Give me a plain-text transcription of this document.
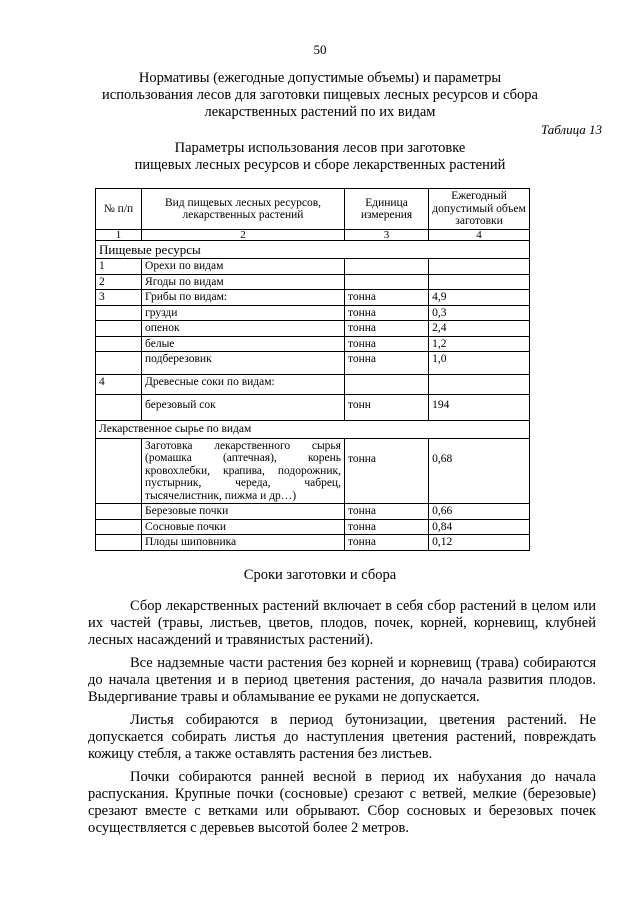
50
Нормативы (ежегодные допустимые объемы) и параметры
использования лесов для заготовки пищевых лесных ресурсов и сбора
лекарственных растений по их видам
Таблица 13
Параметры использования лесов при заготовке
пищевых лесных ресурсов и сборе лекарственных растений
№ п/п	Вид пищевых лесных ресурсов, лекарственных растений	Единица измерения	Ежегодный допустимый объем заготовки
1	2	3	4
Пищевые ресурсы			
1	Орехи по видам		
2	Ягоды по видам		
3	Грибы по видам:	тонна	4,9
	грузди	тонна	0,3
	опенок	тонна	2,4
	белые	тонна	1,2
	подберезовик	тонна	1,0
4	Древесные соки по видам:		
	березовый сок	тонн	194
Лекарственное сырье по видам			
	Заготовка лекарственного сырья (ромашка (аптечная), корень кровохлебки, крапива, подорожник, пустырник, череда, чабрец, тысячелистник, пижма и др…)	тонна	0,68
	Березовые почки	тонна	0,66
	Сосновые почки	тонна	0,84
	Плоды шиповника	тонна	0,12
Сроки заготовки и сбора

Сбор лекарственных растений включает в себя сбор растений в целом или их частей (травы, листьев, цветов, плодов, почек, корней, корневищ, клубней лесных насаждений и травянистых растений).

Все надземные части растения без корней и корневищ (трава) собираются до начала цветения и в период цветения растения, до начала развития плодов. Выдергивание травы и обламывание ее руками не допускается.

Листья собираются в период бутонизации, цветения растений. Не допускается собирать листья до наступления цветения растений, повреждать кожицу стебля, а также оставлять растения без листьев.

Почки собираются ранней весной в период их набухания до начала распускания. Крупные почки (сосновые) срезают с ветвей, мелкие (березовые) срезают вместе с ветками или обрывают. Сбор сосновых и березовых почек осуществляется с деревьев высотой более 2 метров.
